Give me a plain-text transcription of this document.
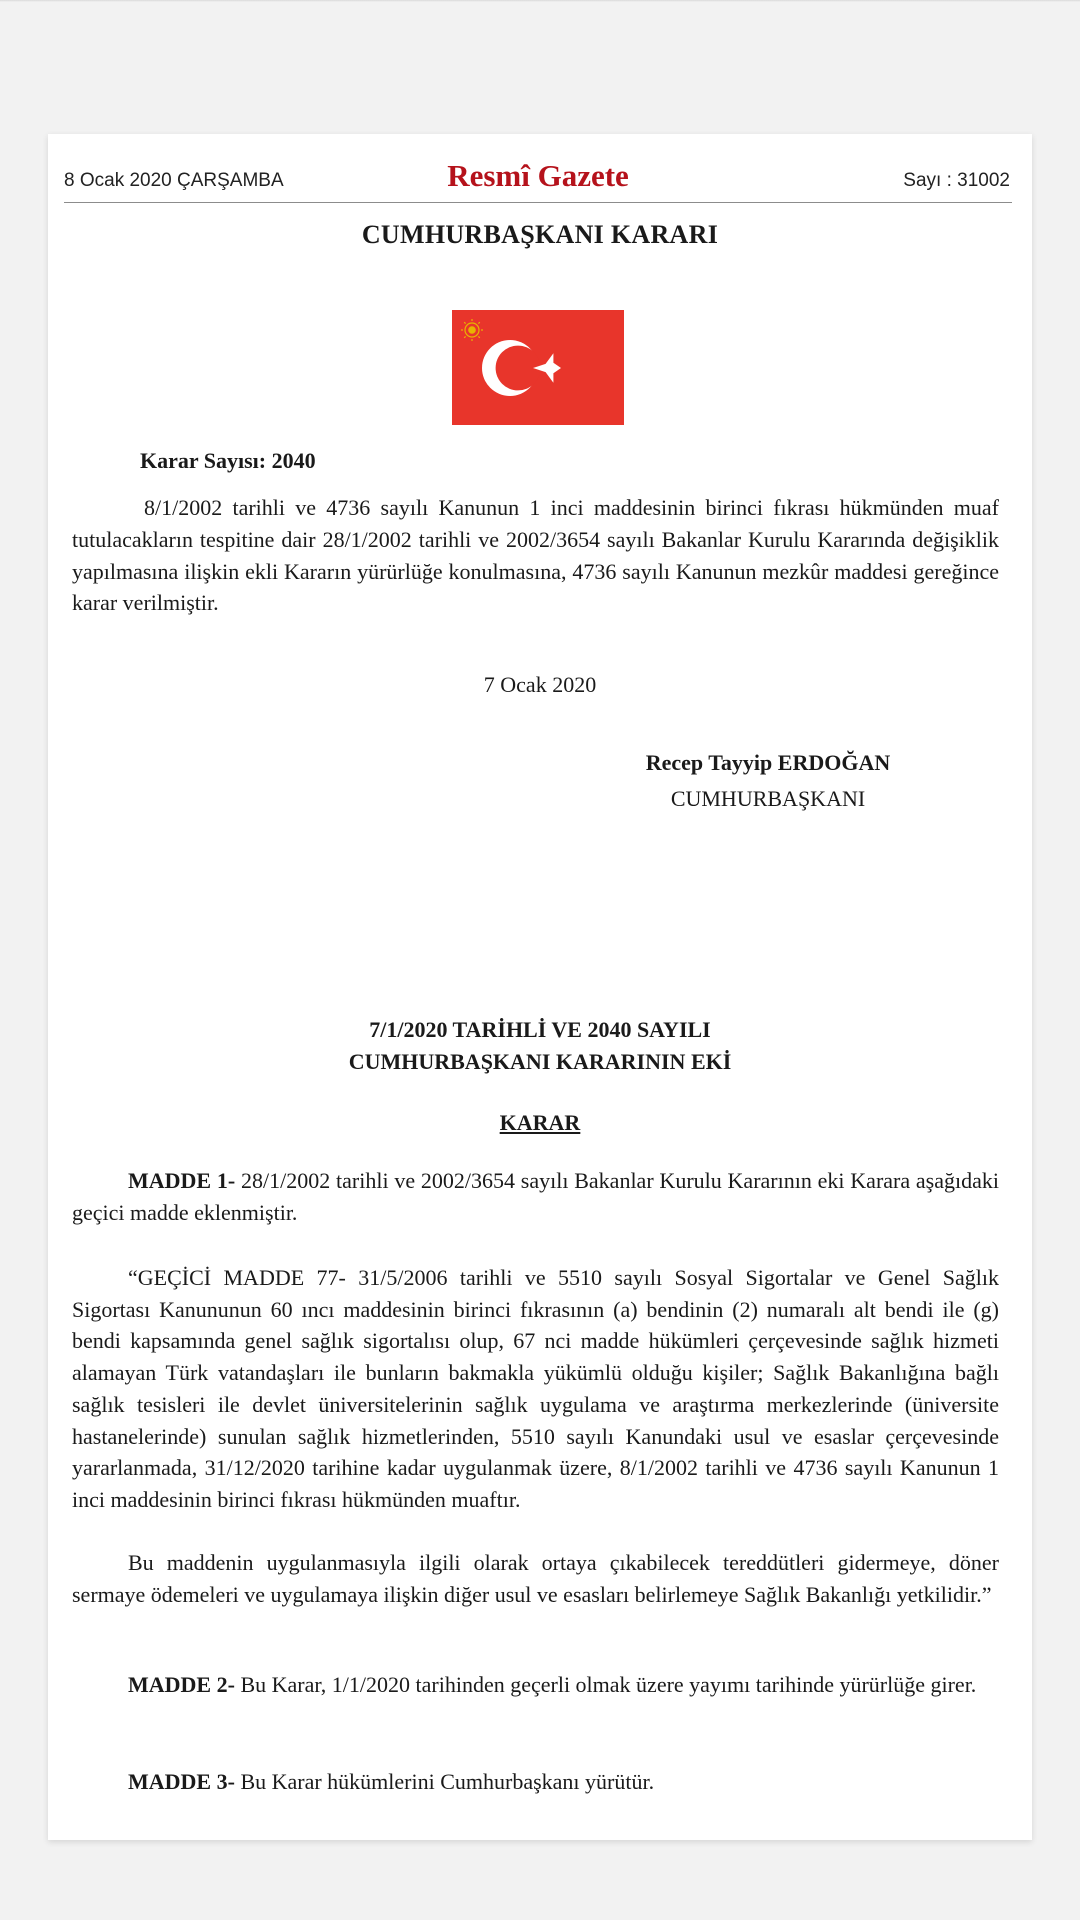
8 Ocak 2020 ÇARŞAMBA	Resmî Gazete	Sayı : 31002
CUMHURBAŞKANI KARARI
Karar Sayısı: 2040

8/1/2002 tarihli ve 4736 sayılı Kanunun 1 inci maddesinin birinci fıkrası hükmünden muaf tutulacakların tespitine dair 28/1/2002 tarihli ve 2002/3654 sayılı Bakanlar Kurulu Kararında değişiklik yapılmasına ilişkin ekli Kararın yürürlüğe konulmasına, 4736 sayılı Kanunun mezkûr maddesi gereğince karar verilmiştir.

7 Ocak 2020
Recep Tayyip ERDOĞAN
CUMHURBAŞKANI
7/1/2020 TARİHLİ VE 2040 SAYILI
CUMHURBAŞKANI KARARININ EKİ
KARAR

MADDE 1- 28/1/2002 tarihli ve 2002/3654 sayılı Bakanlar Kurulu Kararının eki Karara aşağıdaki geçici madde eklenmiştir.

“GEÇİCİ MADDE 77- 31/5/2006 tarihli ve 5510 sayılı Sosyal Sigortalar ve Genel Sağlık Sigortası Kanununun 60 ıncı maddesinin birinci fıkrasının (a) bendinin (2) numaralı alt bendi ile (g) bendi kapsamında genel sağlık sigortalısı olup, 67 nci madde hükümleri çerçevesinde sağlık hizmeti alamayan Türk vatandaşları ile bunların bakmakla yükümlü olduğu kişiler; Sağlık Bakanlığına bağlı sağlık tesisleri ile devlet üniversitelerinin sağlık uygulama ve araştırma merkezlerinde (üniversite hastanelerinde) sunulan sağlık hizmetlerinden, 5510 sayılı Kanundaki usul ve esaslar çerçevesinde yararlanmada, 31/12/2020 tarihine kadar uygulanmak üzere, 8/1/2002 tarihli ve 4736 sayılı Kanunun 1 inci maddesinin birinci fıkrası hükmünden muaftır.

Bu maddenin uygulanmasıyla ilgili olarak ortaya çıkabilecek tereddütleri gidermeye, döner sermaye ödemeleri ve uygulamaya ilişkin diğer usul ve esasları belirlemeye Sağlık Bakanlığı yetkilidir.”

MADDE 2- Bu Karar, 1/1/2020 tarihinden geçerli olmak üzere yayımı tarihinde yürürlüğe girer.

MADDE 3- Bu Karar hükümlerini Cumhurbaşkanı yürütür.
